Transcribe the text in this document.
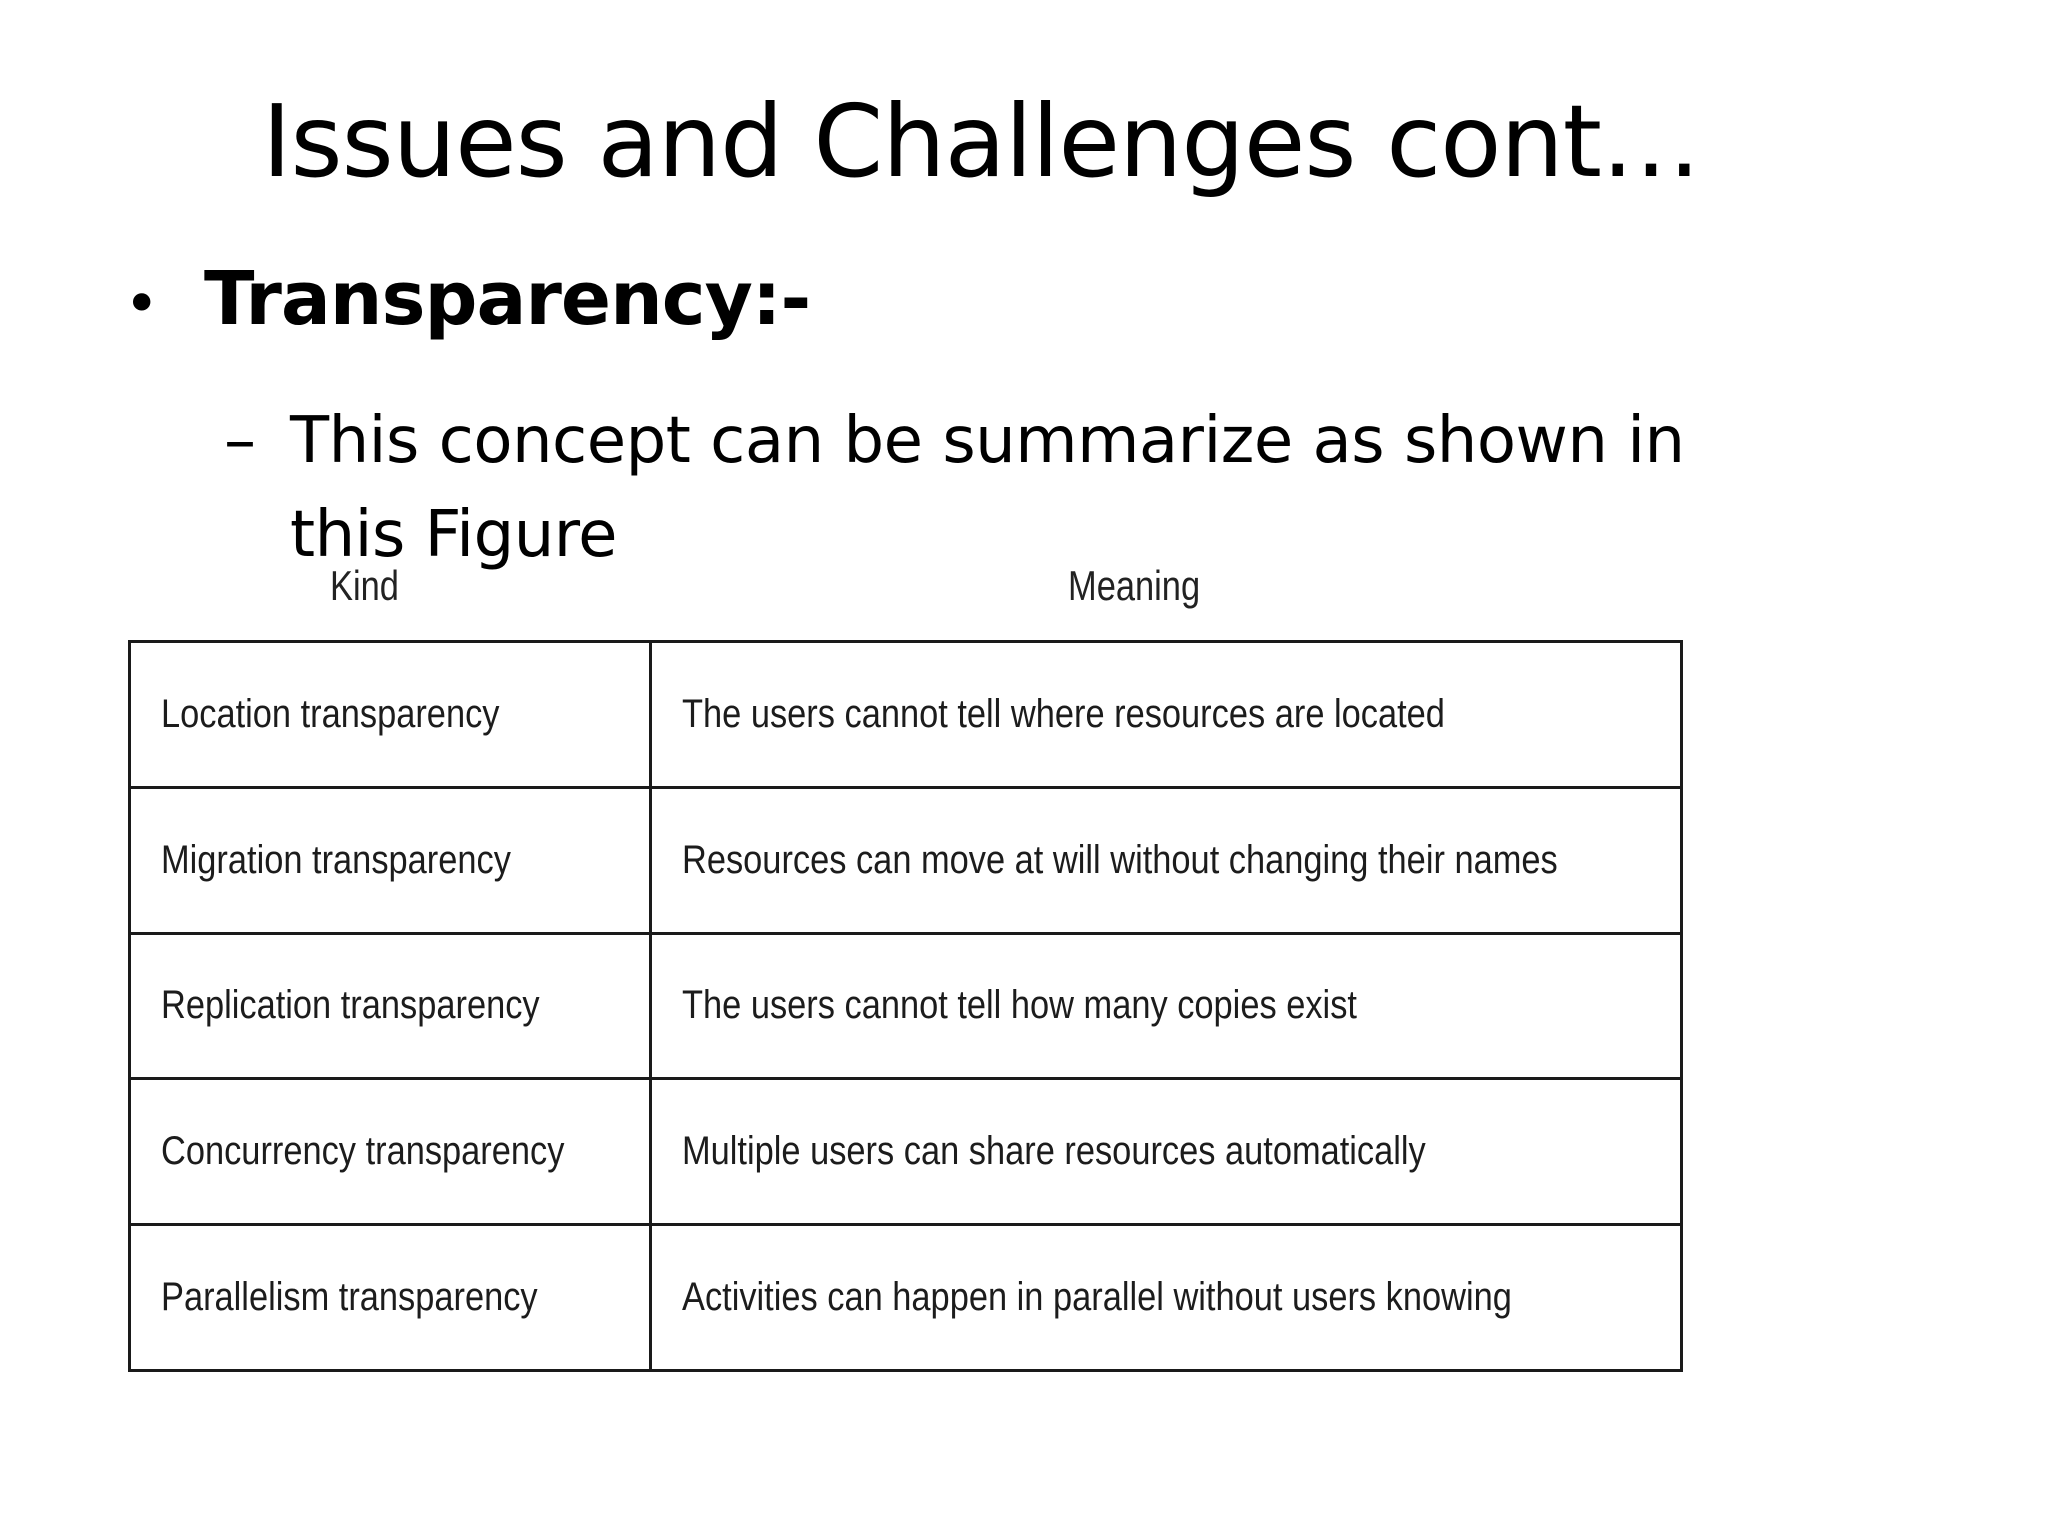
Issues and Challenges cont…
• Transparency:-
– This concept can be summarize as shown in this Figure
Kind	Meaning
Location transparency	The users cannot tell where resources are located
Migration transparency	Resources can move at will without changing their names
Replication transparency	The users cannot tell how many copies exist
Concurrency transparency	Multiple users can share resources automatically
Parallelism transparency	Activities can happen in parallel without users knowing
